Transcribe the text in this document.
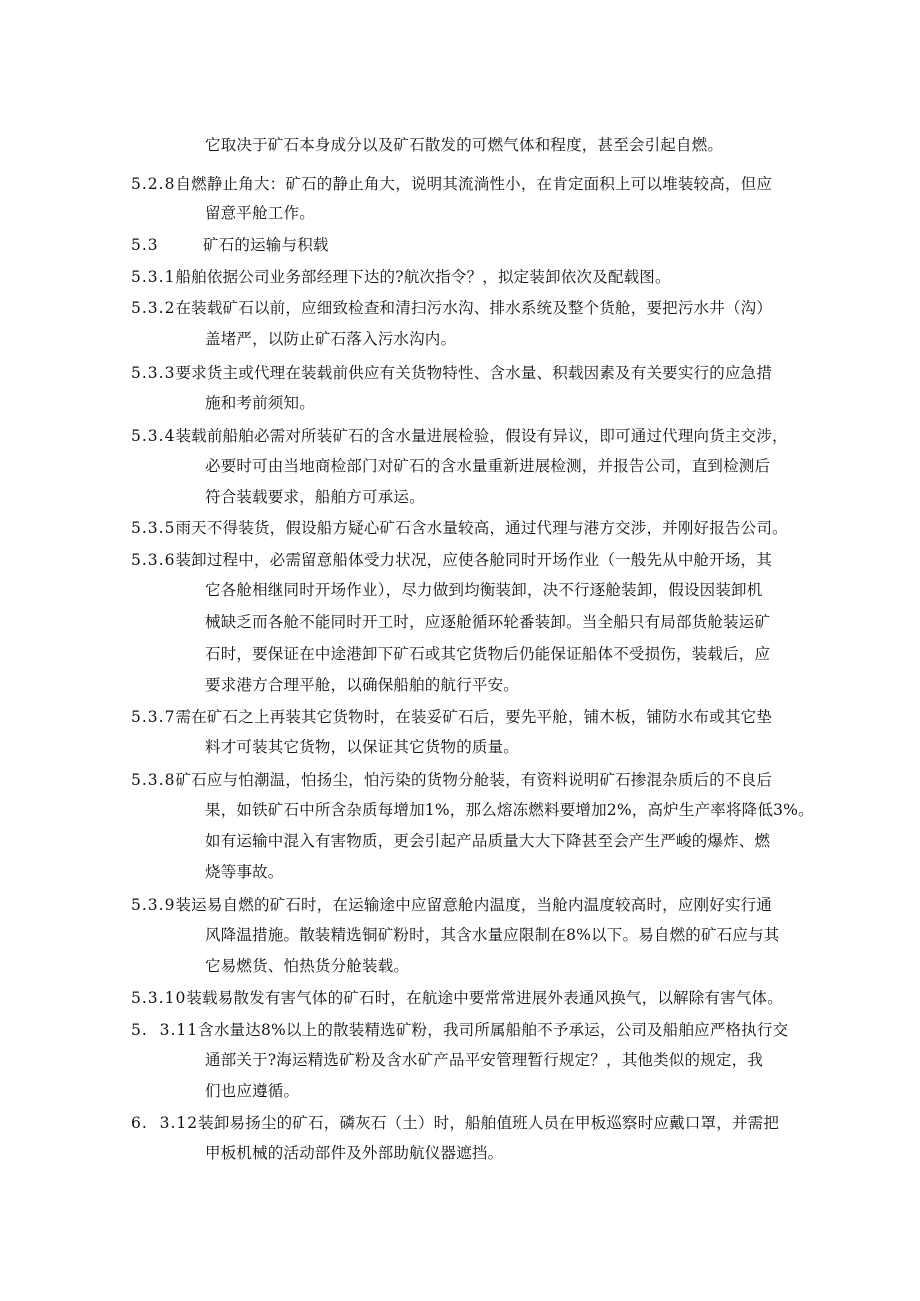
它取决于矿石本身成分以及矿石散发的可燃气体和程度，甚至会引起自燃。
5.2.8自燃静止角大：矿石的静止角大，说明其流淌性小，在肯定面积上可以堆装较高，但应
留意平舱工作。
5.3	矿石的运输与积载
5.3.1船舶依据公司业务部经理下达的?航次指令？，拟定装卸依次及配载图。
5.3.2在装载矿石以前，应细致检查和清扫污水沟、排水系统及整个货舱，要把污水井（沟）
盖堵严，以防止矿石落入污水沟内。
5.3.3要求货主或代理在装载前供应有关货物特性、含水量、积载因素及有关要实行的应急措
施和考前须知。
5.3.4装载前船舶必需对所装矿石的含水量进展检验，假设有异议，即可通过代理向货主交涉，
必要时可由当地商检部门对矿石的含水量重新进展检测，并报告公司，直到检测后
符合装载要求，船舶方可承运。
5.3.5雨天不得装货，假设船方疑心矿石含水量较高，通过代理与港方交涉，并刚好报告公司。
5.3.6装卸过程中，必需留意船体受力状况，应使各舱同时开场作业（一般先从中舱开场，其
它各舱相继同时开场作业），尽力做到均衡装卸，决不行逐舱装卸，假设因装卸机
械缺乏而各舱不能同时开工时，应逐舱循环轮番装卸。当全船只有局部货舱装运矿
石时，要保证在中途港卸下矿石或其它货物后仍能保证船体不受损伤，装载后，应
要求港方合理平舱，以确保船舶的航行平安。
5.3.7需在矿石之上再装其它货物时，在装妥矿石后，要先平舱，铺木板，铺防水布或其它垫
料才可装其它货物，以保证其它货物的质量。
5.3.8矿石应与怕潮温，怕扬尘，怕污染的货物分舱装，有资料说明矿石掺混杂质后的不良后
果，如铁矿石中所含杂质每增加1%，那么熔冻燃料要增加2%，高炉生产率将降低3%。
如有运输中混入有害物质，更会引起产品质量大大下降甚至会产生严峻的爆炸、燃
烧等事故。
5.3.9装运易自燃的矿石时，在运输途中应留意舱内温度，当舱内温度较高时，应刚好实行通
风降温措施。散装精选铜矿粉时，其含水量应限制在8%以下。易自燃的矿石应与其
它易燃货、怕热货分舱装载。
5.3.10装载易散发有害气体的矿石时，在航途中要常常进展外表通风换气，以解除有害气体。
5.  3.11含水量达8%以上的散装精选矿粉，我司所属船舶不予承运，公司及船舶应严格执行交
通部关于?海运精选矿粉及含水矿产品平安管理暂行规定？，其他类似的规定，我
们也应遵循。
6.  3.12装卸易扬尘的矿石，磷灰石（土）时，船舶值班人员在甲板巡察时应戴口罩，并需把
甲板机械的活动部件及外部助航仪器遮挡。
